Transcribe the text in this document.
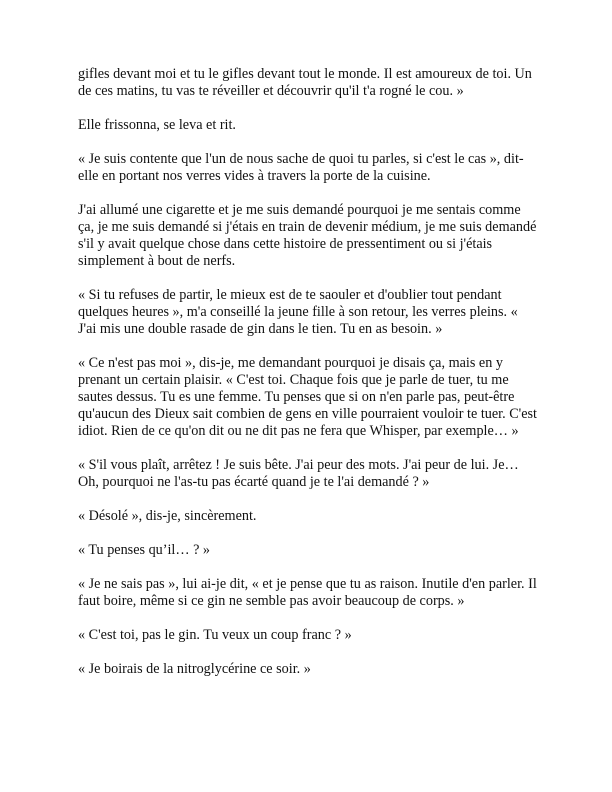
gifles devant moi et tu le gifles devant tout le monde. Il est amoureux de toi. Un de ces matins, tu vas te réveiller et découvrir qu'il t'a rogné le cou. »

Elle frissonna, se leva et rit.

« Je suis contente que l'un de nous sache de quoi tu parles, si c'est le cas », dit-elle en portant nos verres vides à travers la porte de la cuisine.

J'ai allumé une cigarette et je me suis demandé pourquoi je me sentais comme ça, je me suis demandé si j'étais en train de devenir médium, je me suis demandé s'il y avait quelque chose dans cette histoire de pressentiment ou si j'étais simplement à bout de nerfs.

« Si tu refuses de partir, le mieux est de te saouler et d'oublier tout pendant quelques heures », m'a conseillé la jeune fille à son retour, les verres pleins. « J'ai mis une double rasade de gin dans le tien. Tu en as besoin. »

« Ce n'est pas moi », dis-je, me demandant pourquoi je disais ça, mais en y prenant un certain plaisir. « C'est toi. Chaque fois que je parle de tuer, tu me sautes dessus. Tu es une femme. Tu penses que si on n'en parle pas, peut-être qu'aucun des Dieux sait combien de gens en ville pourraient vouloir te tuer. C'est idiot. Rien de ce qu'on dit ou ne dit pas ne fera que Whisper, par exemple… »

« S'il vous plaît, arrêtez ! Je suis bête. J'ai peur des mots. J'ai peur de lui. Je… Oh, pourquoi ne l'as-tu pas écarté quand je te l'ai demandé ? »

« Désolé », dis-je, sincèrement.

« Tu penses qu’il… ? »

« Je ne sais pas », lui ai-je dit, « et je pense que tu as raison. Inutile d'en parler. Il faut boire, même si ce gin ne semble pas avoir beaucoup de corps. »

« C'est toi, pas le gin. Tu veux un coup franc ? »

« Je boirais de la nitroglycérine ce soir. »
